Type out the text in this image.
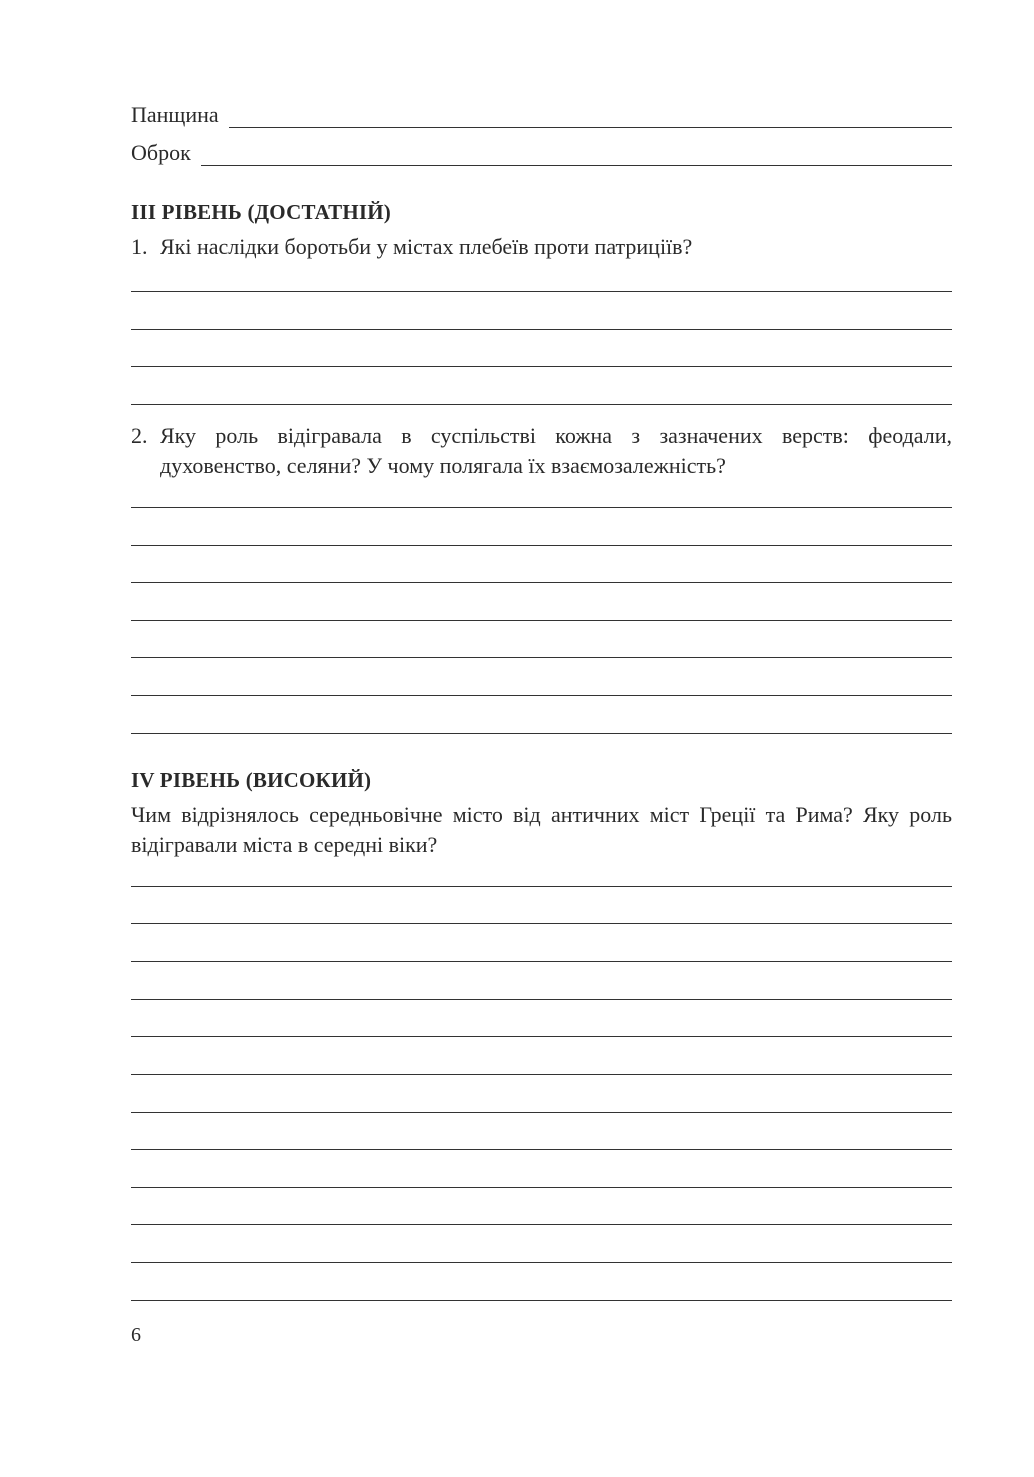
Панщина
Оброк
ІІІ РІВЕНЬ (ДОСТАТНІЙ)
1. Які наслідки боротьби у містах плебеїв проти патриціїв?
2. Яку роль відігравала в суспільстві кожна з зазначених верств: феодали, духовенство, селяни? У чому полягала їх взаємозалежність?
ІV РІВЕНЬ (ВИСОКИЙ)
Чим відрізнялось середньовічне місто від античних міст Греції та Рима? Яку роль відігравали міста в середні віки?
6
